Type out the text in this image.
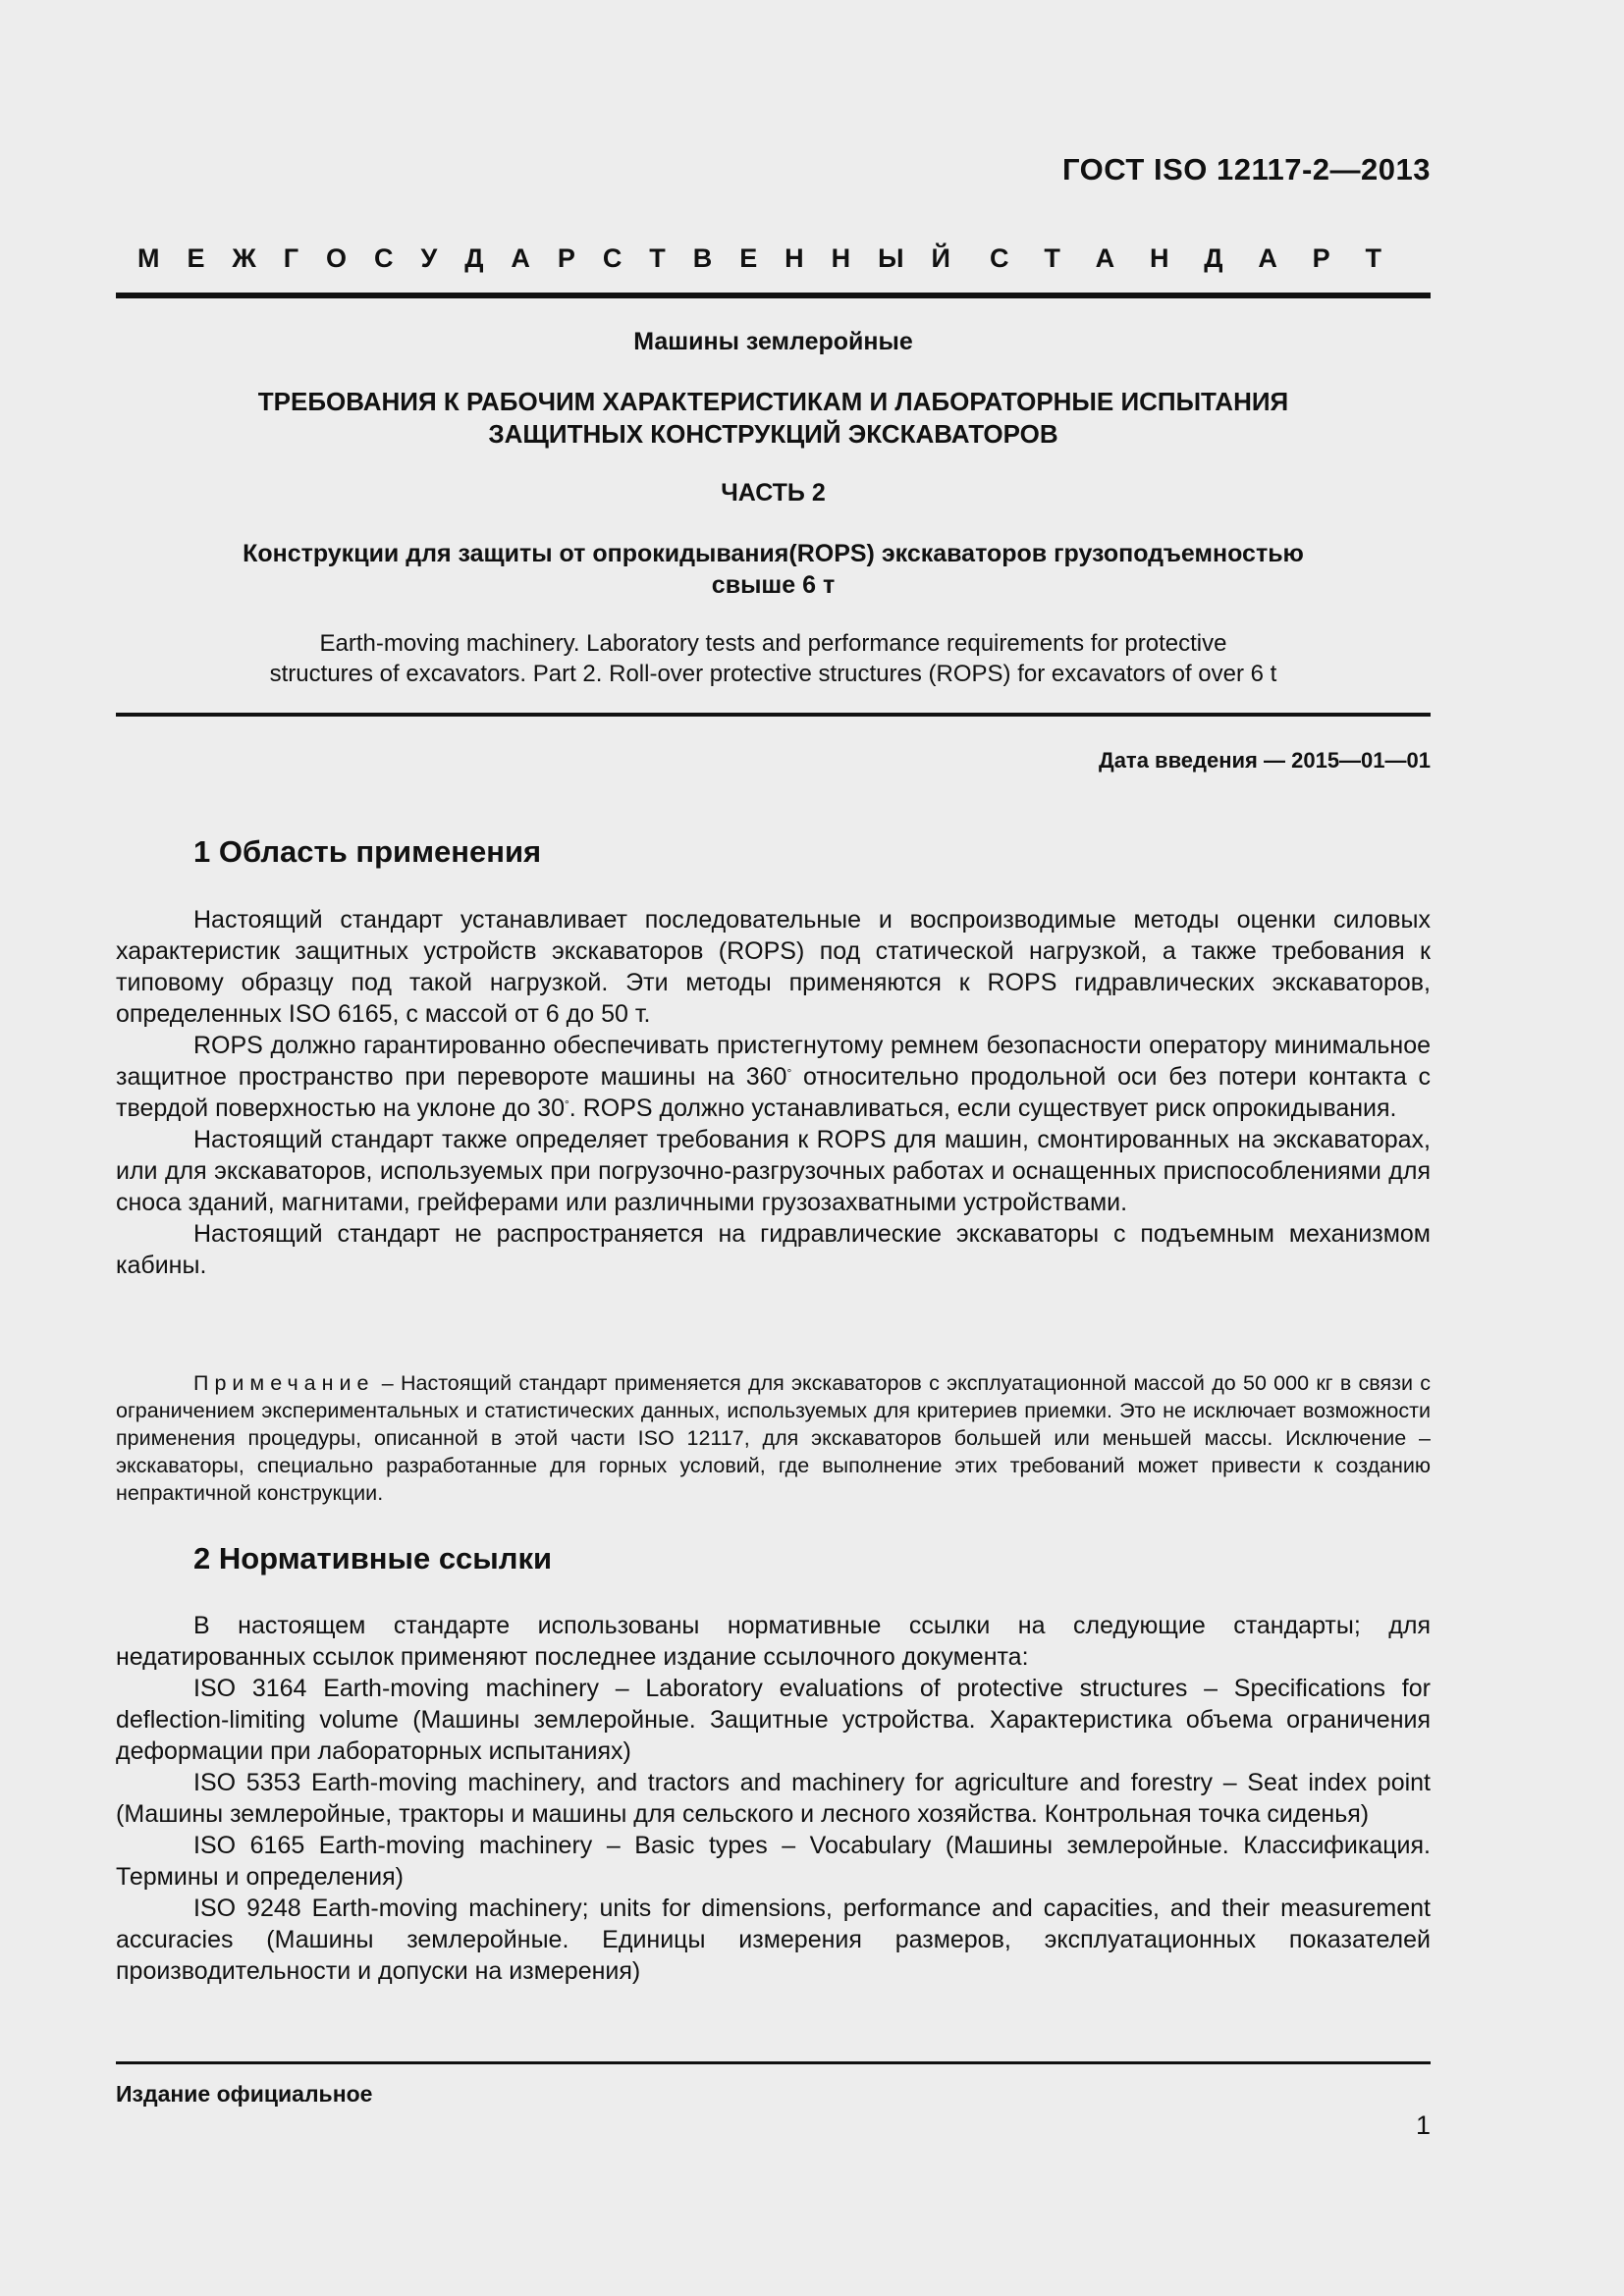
ГОСТ ISO 12117-2—2013
М Е Ж Г О С У Д А Р С Т В Е Н Н Ы Й С Т А Н Д А Р Т
Машины землеройные
ТРЕБОВАНИЯ К РАБОЧИМ ХАРАКТЕРИСТИКАМ И ЛАБОРАТОРНЫЕ ИСПЫТАНИЯ
ЗАЩИТНЫХ КОНСТРУКЦИЙ ЭКСКАВАТОРОВ
ЧАСТЬ 2
Конструкции для защиты от опрокидывания(ROPS) экскаваторов грузоподъемностью
свыше 6 т
Earth-moving machinery. Laboratory tests and performance requirements for protective
structures of excavators. Part 2. Roll-over protective structures (ROPS) for excavators of over 6 t
Дата введения — 2015—01—01
1 Область применения

Настоящий стандарт устанавливает последовательные и воспроизводимые методы оценки силовых характеристик защитных устройств экскаваторов (ROPS) под статической нагрузкой, а также требования к типовому образцу под такой нагрузкой. Эти методы применяются к ROPS гидравлических экскаваторов, определенных ISO 6165, с массой от 6 до 50 т.

ROPS должно гарантированно обеспечивать пристегнутому ремнем безопасности оператору минимальное защитное пространство при перевороте машины на 360° относительно продольной оси без потери контакта с твердой поверхностью на уклоне до 30°. ROPS должно устанавливаться, если существует риск опрокидывания.

Настоящий стандарт также определяет требования к ROPS для машин, смонтированных на экскаваторах, или для экскаваторов, используемых при погрузочно-разгрузочных работах и оснащенных приспособлениями для сноса зданий, магнитами, грейферами или различными грузозахватными устройствами.

Настоящий стандарт не распространяется на гидравлические экскаваторы с подъемным механизмом кабины.

Примечание – Настоящий стандарт применяется для экскаваторов с эксплуатационной массой до 50 000 кг в связи с ограничением экспериментальных и статистических данных, используемых для критериев приемки. Это не исключает возможности применения процедуры, описанной в этой части ISO 12117, для экскаваторов большей или меньшей массы. Исключение – экскаваторы, специально разработанные для горных условий, где выполнение этих требований может привести к созданию непрактичной конструкции.

2 Нормативные ссылки

В настоящем стандарте использованы нормативные ссылки на следующие стандарты; для недатированных ссылок применяют последнее издание ссылочного документа:

ISO 3164 Earth-moving machinery – Laboratory evaluations of protective structures – Specifications for deflection-limiting volume (Машины землеройные. Защитные устройства. Характеристика объема ограничения деформации при лабораторных испытаниях)

ISO 5353 Earth-moving machinery, and tractors and machinery for agriculture and forestry – Seat index point (Машины землеройные, тракторы и машины для сельского и лесного хозяйства. Контрольная точка сиденья)

ISO 6165 Earth-moving machinery – Basic types – Vocabulary (Машины землеройные. Классификация. Термины и определения)

ISO 9248 Earth-moving machinery; units for dimensions, performance and capacities, and their measurement accuracies (Машины землеройные. Единицы измерения размеров, эксплуатационных показателей производительности и допуски на измерения)

Издание официальное
1
